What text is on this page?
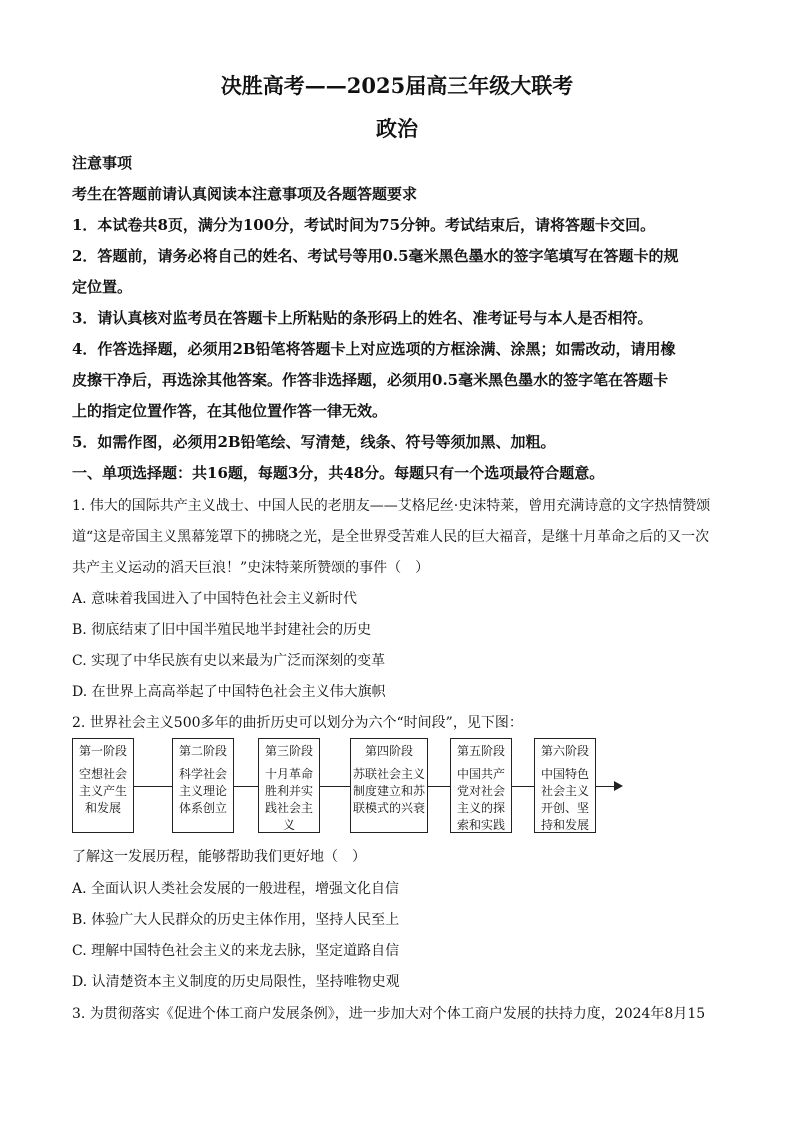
决胜高考——2025届高三年级大联考
政治
注意事项
考生在答题前请认真阅读本注意事项及各题答题要求
1．本试卷共8页，满分为100分，考试时间为75分钟。考试结束后，请将答题卡交回。
2．答题前，请务必将自己的姓名、考试号等用0.5毫米黑色墨水的签字笔填写在答题卡的规
定位置。
3．请认真核对监考员在答题卡上所粘贴的条形码上的姓名、准考证号与本人是否相符。
4．作答选择题，必须用2B铅笔将答题卡上对应选项的方框涂满、涂黑；如需改动，请用橡
皮擦干净后，再选涂其他答案。作答非选择题，必须用0.5毫米黑色墨水的签字笔在答题卡
上的指定位置作答，在其他位置作答一律无效。
5．如需作图，必须用2B铅笔绘、写清楚，线条、符号等须加黑、加粗。
一、单项选择题：共16题，每题3分，共48分。每题只有一个选项最符合题意。
1. 伟大的国际共产主义战士、中国人民的老朋友——艾格尼丝·史沫特莱，曾用充满诗意的文字热情赞颂
道“这是帝国主义黑幕笼罩下的拂晓之光，是全世界受苦难人民的巨大福音，是继十月革命之后的又一次
共产主义运动的滔天巨浪！”史沫特莱所赞颂的事件（　）
A. 意味着我国进入了中国特色社会主义新时代
B. 彻底结束了旧中国半殖民地半封建社会的历史
C. 实现了中华民族有史以来最为广泛而深刻的变革
D. 在世界上高高举起了中国特色社会主义伟大旗帜
2. 世界社会主义500多年的曲折历史可以划分为六个“时间段”，见下图：
第一阶段
空想社会主义产生和发展
第二阶段
科学社会主义理论体系创立
第三阶段
十月革命胜利并实践社会主义
第四阶段
苏联社会主义制度建立和苏联模式的兴衰
第五阶段
中国共产党对社会主义的探索和实践
第六阶段
中国特色社会主义开创、坚持和发展
了解这一发展历程，能够帮助我们更好地（　）
A. 全面认识人类社会发展的一般进程，增强文化自信
B. 体验广大人民群众的历史主体作用，坚持人民至上
C. 理解中国特色社会主义的来龙去脉，坚定道路自信
D. 认清楚资本主义制度的历史局限性，坚持唯物史观
3. 为贯彻落实《促进个体工商户发展条例》，进一步加大对个体工商户发展的扶持力度，2024年8月15
